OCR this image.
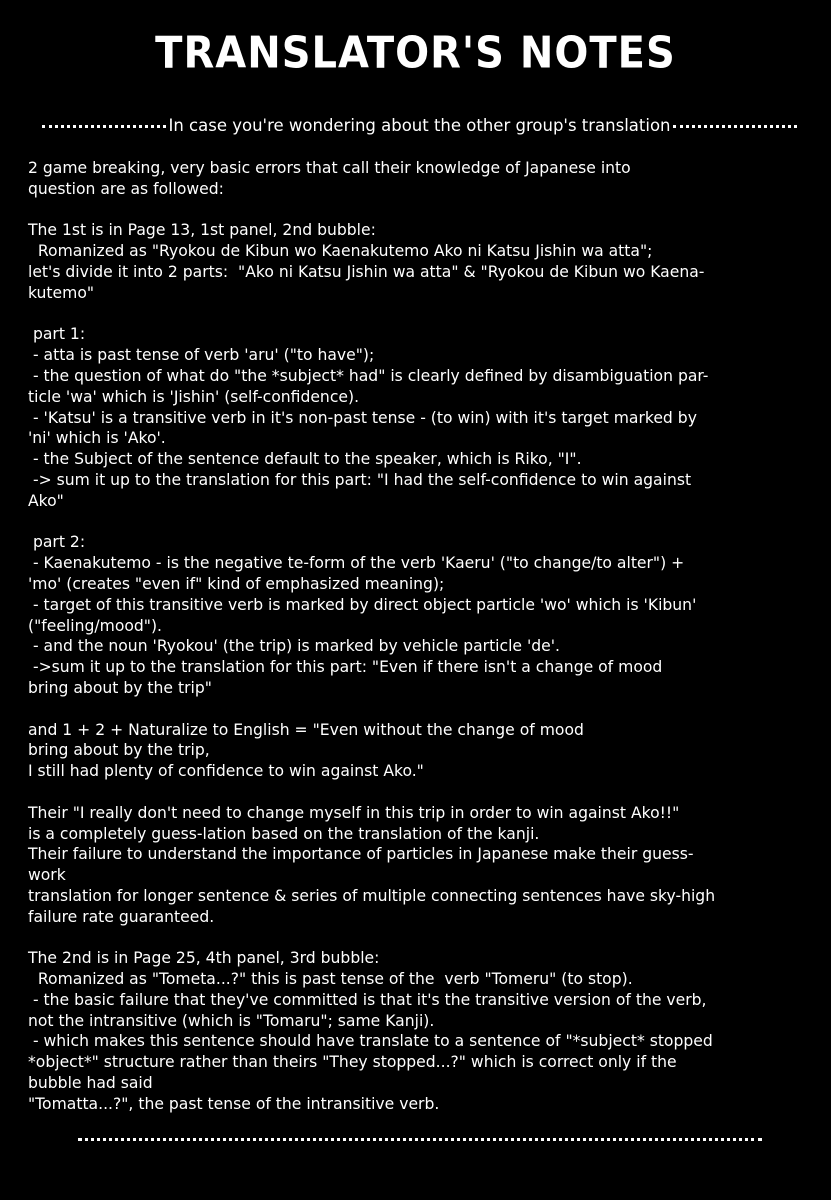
TRANSLATOR'S NOTES
In case you're wondering about the other group's translation
2 game breaking, very basic errors that call their knowledge of Japanese into
question are as followed:
The 1st is in Page 13, 1st panel, 2nd bubble:
Romanized as "Ryokou de Kibun wo Kaenakutemo Ako ni Katsu Jishin wa atta";
let's divide it into 2 parts:  "Ako ni Katsu Jishin wa atta" & "Ryokou de Kibun wo Kaena-
kutemo"
part 1:
- atta is past tense of verb 'aru' ("to have");
- the question of what do "the *subject* had" is clearly defined by disambiguation par-
ticle 'wa' which is 'Jishin' (self-confidence).
- 'Katsu' is a transitive verb in it's non-past tense - (to win) with it's target marked by
'ni' which is 'Ako'.
- the Subject of the sentence default to the speaker, which is Riko, "I".
-> sum it up to the translation for this part: "I had the self-confidence to win against
Ako"
part 2:
- Kaenakutemo - is the negative te-form of the verb 'Kaeru' ("to change/to alter") +
'mo' (creates "even if" kind of emphasized meaning);
- target of this transitive verb is marked by direct object particle 'wo' which is 'Kibun'
("feeling/mood").
- and the noun 'Ryokou' (the trip) is marked by vehicle particle 'de'.
->sum it up to the translation for this part: "Even if there isn't a change of mood
bring about by the trip"
and 1 + 2 + Naturalize to English = "Even without the change of mood
bring about by the trip,
I still had plenty of confidence to win against Ako."
Their "I really don't need to change myself in this trip in order to win against Ako!!"
is a completely guess-lation based on the translation of the kanji.
Their failure to understand the importance of particles in Japanese make their guess-
work
translation for longer sentence & series of multiple connecting sentences have sky-high
failure rate guaranteed.
The 2nd is in Page 25, 4th panel, 3rd bubble:
Romanized as "Tometa...?" this is past tense of the  verb "Tomeru" (to stop).
- the basic failure that they've committed is that it's the transitive version of the verb,
not the intransitive (which is "Tomaru"; same Kanji).
- which makes this sentence should have translate to a sentence of "*subject* stopped
*object*" structure rather than theirs "They stopped...?" which is correct only if the
bubble had said
"Tomatta...?", the past tense of the intransitive verb.
